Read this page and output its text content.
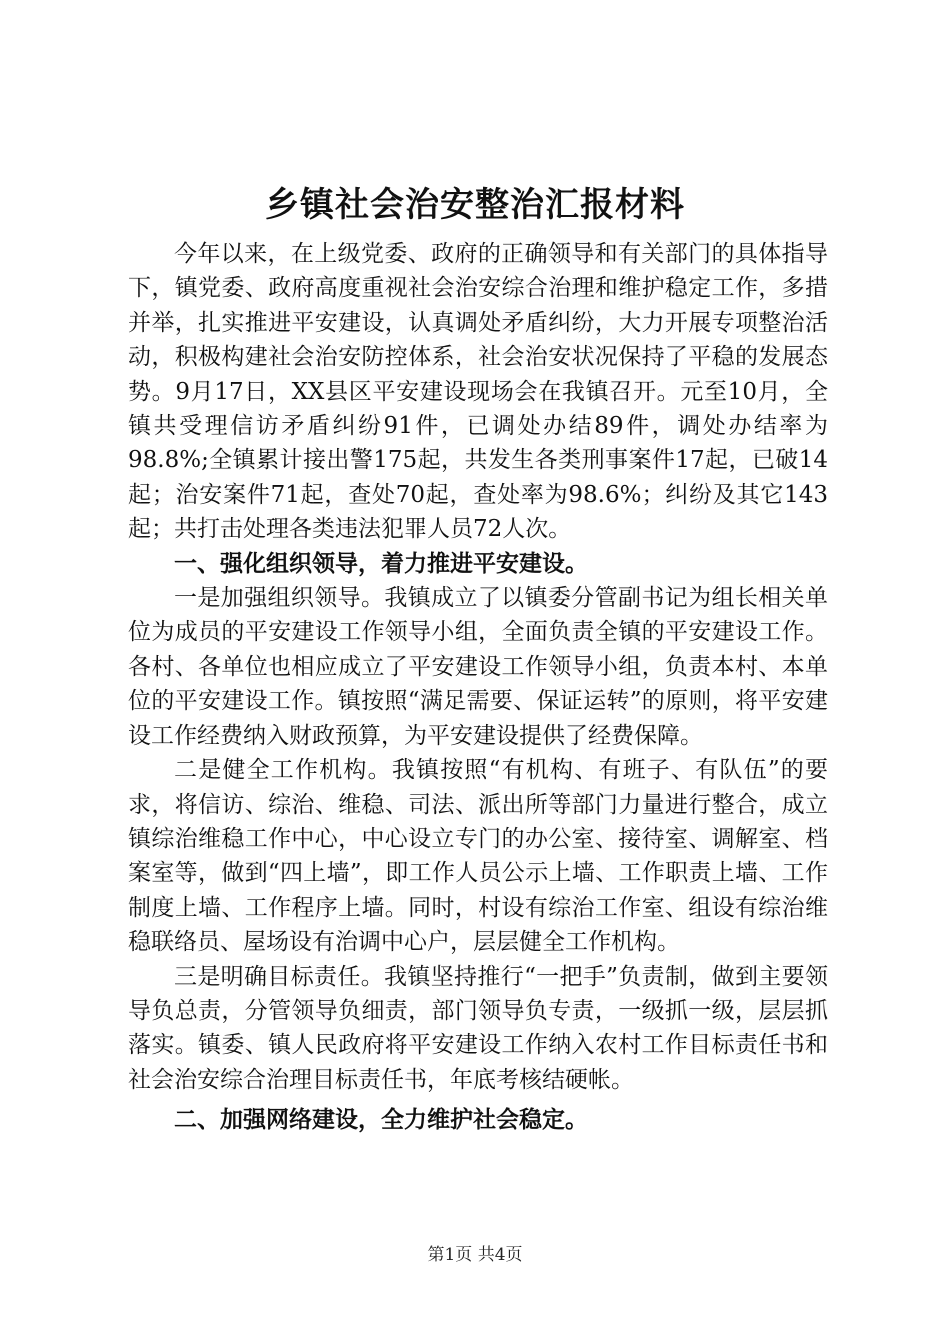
乡镇社会治安整治汇报材料

今年以来，在上级党委、政府的正确领导和有关部门的具体指导下，镇党委、政府高度重视社会治安综合治理和维护稳定工作，多措并举，扎实推进平安建设，认真调处矛盾纠纷，大力开展专项整治活动，积极构建社会治安防控体系，社会治安状况保持了平稳的发展态势。9月17日，XX县区平安建设现场会在我镇召开。元至10月，全镇共受理信访矛盾纠纷91件，已调处办结89件，调处办结率为98.8%;全镇累计接出警175起，共发生各类刑事案件17起，已破14起；治安案件71起，查处70起，查处率为98.6%；纠纷及其它143起；共打击处理各类违法犯罪人员72人次。

一、强化组织领导，着力推进平安建设。

一是加强组织领导。我镇成立了以镇委分管副书记为组长相关单位为成员的平安建设工作领导小组，全面负责全镇的平安建设工作。各村、各单位也相应成立了平安建设工作领导小组，负责本村、本单位的平安建设工作。镇按照“满足需要、保证运转”的原则，将平安建设工作经费纳入财政预算，为平安建设提供了经费保障。

二是健全工作机构。我镇按照“有机构、有班子、有队伍”的要求，将信访、综治、维稳、司法、派出所等部门力量进行整合，成立镇综治维稳工作中心，中心设立专门的办公室、接待室、调解室、档案室等，做到“四上墙”，即工作人员公示上墙、工作职责上墙、工作制度上墙、工作程序上墙。同时，村设有综治工作室、组设有综治维稳联络员、屋场设有治调中心户，层层健全工作机构。

三是明确目标责任。我镇坚持推行“一把手”负责制，做到主要领导负总责，分管领导负细责，部门领导负专责，一级抓一级，层层抓落实。镇委、镇人民政府将平安建设工作纳入农村工作目标责任书和社会治安综合治理目标责任书，年底考核结硬帐。

二、加强网络建设，全力维护社会稳定。

第1页 共4页
